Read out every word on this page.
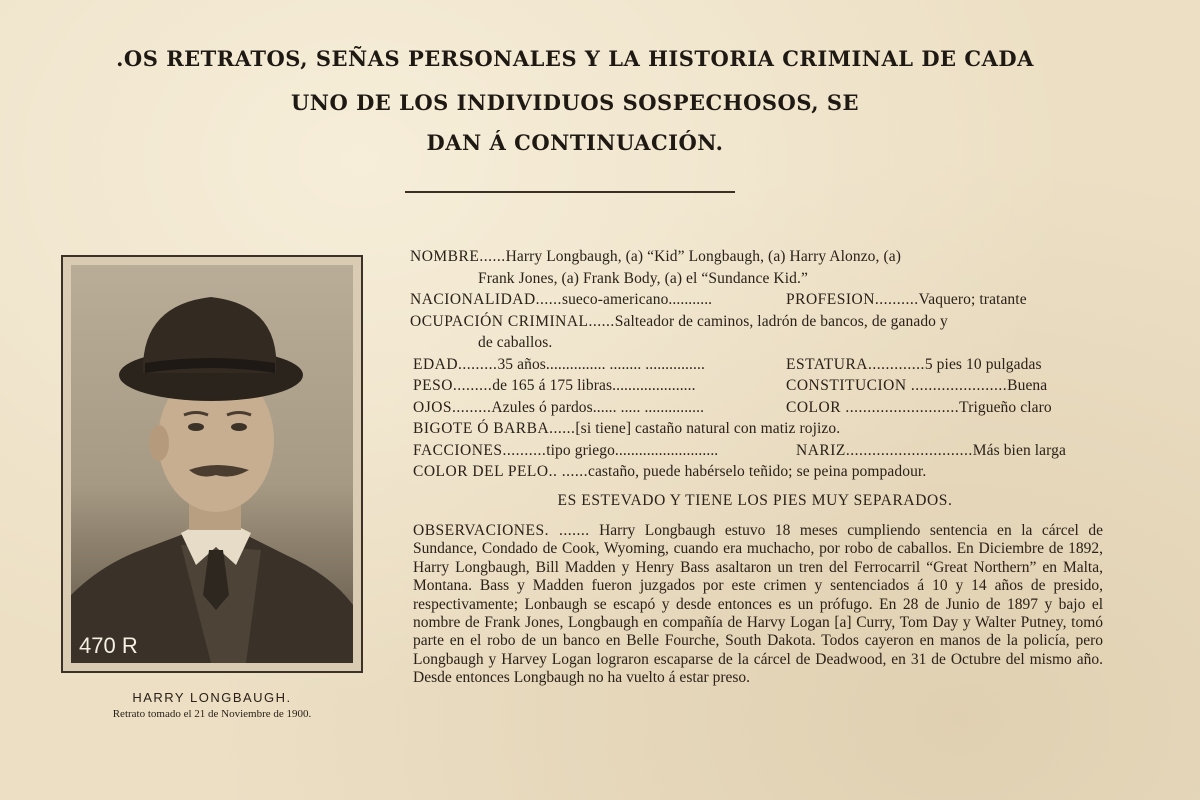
.OS RETRATOS, SEÑAS PERSONALES Y LA HISTORIA CRIMINAL DE CADA
UNO DE LOS INDIVIDUOS SOSPECHOSOS, SE
DAN Á CONTINUACIÓN.
470 R
HARRY LONGBAUGH.
Retrato tomado el 21 de Noviembre de 1900.
NOMBRE......Harry Longbaugh, (a) “Kid” Longbaugh, (a) Harry Alonzo, (a)
Frank Jones, (a) Frank Body, (a) el “Sundance Kid.”
NACIONALIDAD......sueco-americano...........	PROFESION..........Vaquero; tratante
OCUPACIÓN CRIMINAL......Salteador de caminos, ladrón de bancos, de ganado y
de caballos.
EDAD.........35 años............... ........ ...............	ESTATURA.............5 pies 10 pulgadas
PESO.........de 165 á 175 libras.....................	CONSTITUCION ......................Buena
OJOS.........Azules ó pardos...... ..... ...............	COLOR ..........................Trigueño claro
BIGOTE Ó BARBA......[si tiene] castaño natural con matiz rojizo.
FACCIONES..........tipo griego..........................	NARIZ.............................Más bien larga
COLOR DEL PELO.. ......castaño, puede habérselo teñido; se peina pompadour.
ES ESTEVADO Y TIENE LOS PIES MUY SEPARADOS.
OBSERVACIONES. ....... Harry Longbaugh estuvo 18 meses cumpliendo sentencia en la cárcel de Sundance, Condado de Cook, Wyoming, cuando era muchacho, por robo de caballos. En Diciembre de 1892, Harry Longbaugh, Bill Madden y Henry Bass asaltaron un tren del Ferrocarril “Great Northern” en Malta, Montana. Bass y Madden fueron juzgados por este crimen y sentenciados á 10 y 14 años de presido, respectivamente; Lonbaugh se escapó y desde entonces es un prófugo. En 28 de Junio de 1897 y bajo el nombre de Frank Jones, Longbaugh en compañía de Harvy Logan [a] Curry, Tom Day y Walter Putney, tomó parte en el robo de un banco en Belle Fourche, South Dakota. Todos cayeron en manos de la policía, pero Longbaugh y Harvey Logan lograron escaparse de la cárcel de Deadwood, en 31 de Octubre del mismo año. Desde entonces Longbaugh no ha vuelto á estar preso.
